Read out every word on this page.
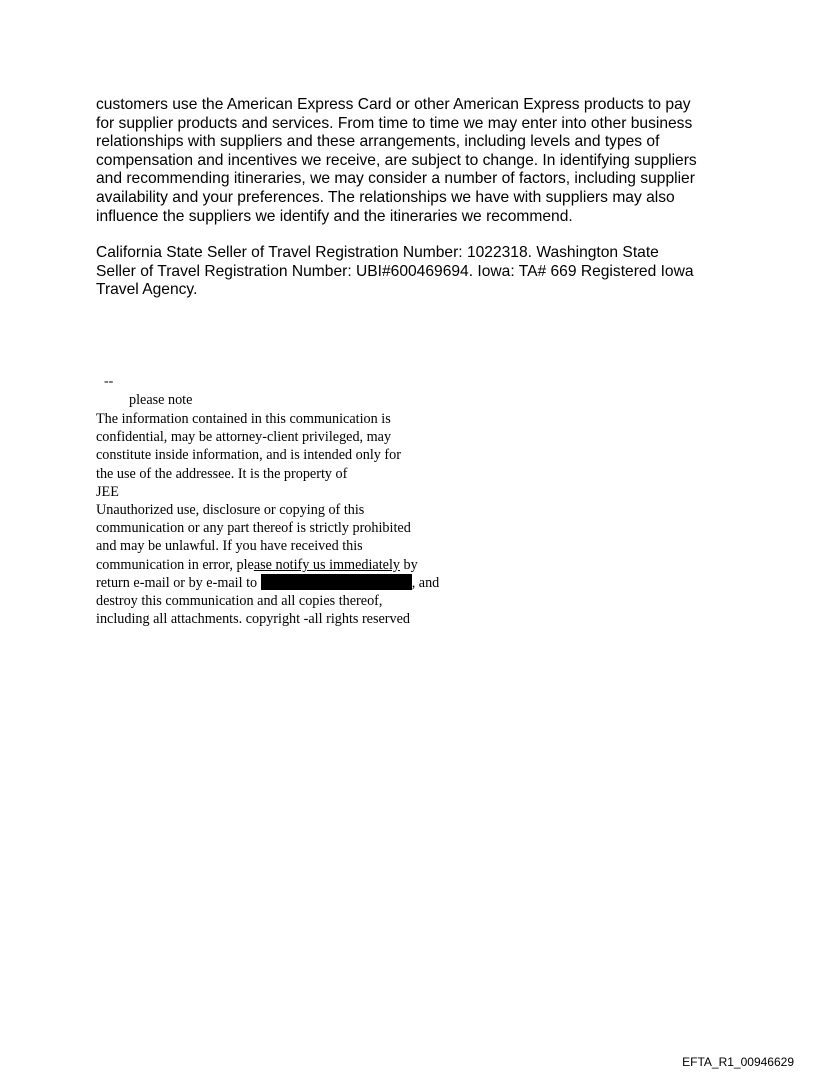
customers use the American Express Card or other American Express products to pay
for supplier products and services. From time to time we may enter into other business
relationships with suppliers and these arrangements, including levels and types of
compensation and incentives we receive, are subject to change. In identifying suppliers
and recommending itineraries, we may consider a number of factors, including supplier
availability and your preferences. The relationships we have with suppliers may also
influence the suppliers we identify and the itineraries we recommend.
California State Seller of Travel Registration Number: 1022318. Washington State
Seller of Travel Registration Number: UBI#600469694. Iowa: TA# 669 Registered Iowa
Travel Agency.
--
please note
The information contained in this communication is
confidential, may be attorney-client privileged, may
constitute inside information, and is intended only for
the use of the addressee. It is the property of
JEE
Unauthorized use, disclosure or copying of this
communication or any part thereof is strictly prohibited
and may be unlawful. If you have received this
communication in error, please notify us immediately by
return e-mail or by e-mail to	, and
destroy this communication and all copies thereof,
including all attachments. copyright -all rights reserved
EFTA_R1_00946629
